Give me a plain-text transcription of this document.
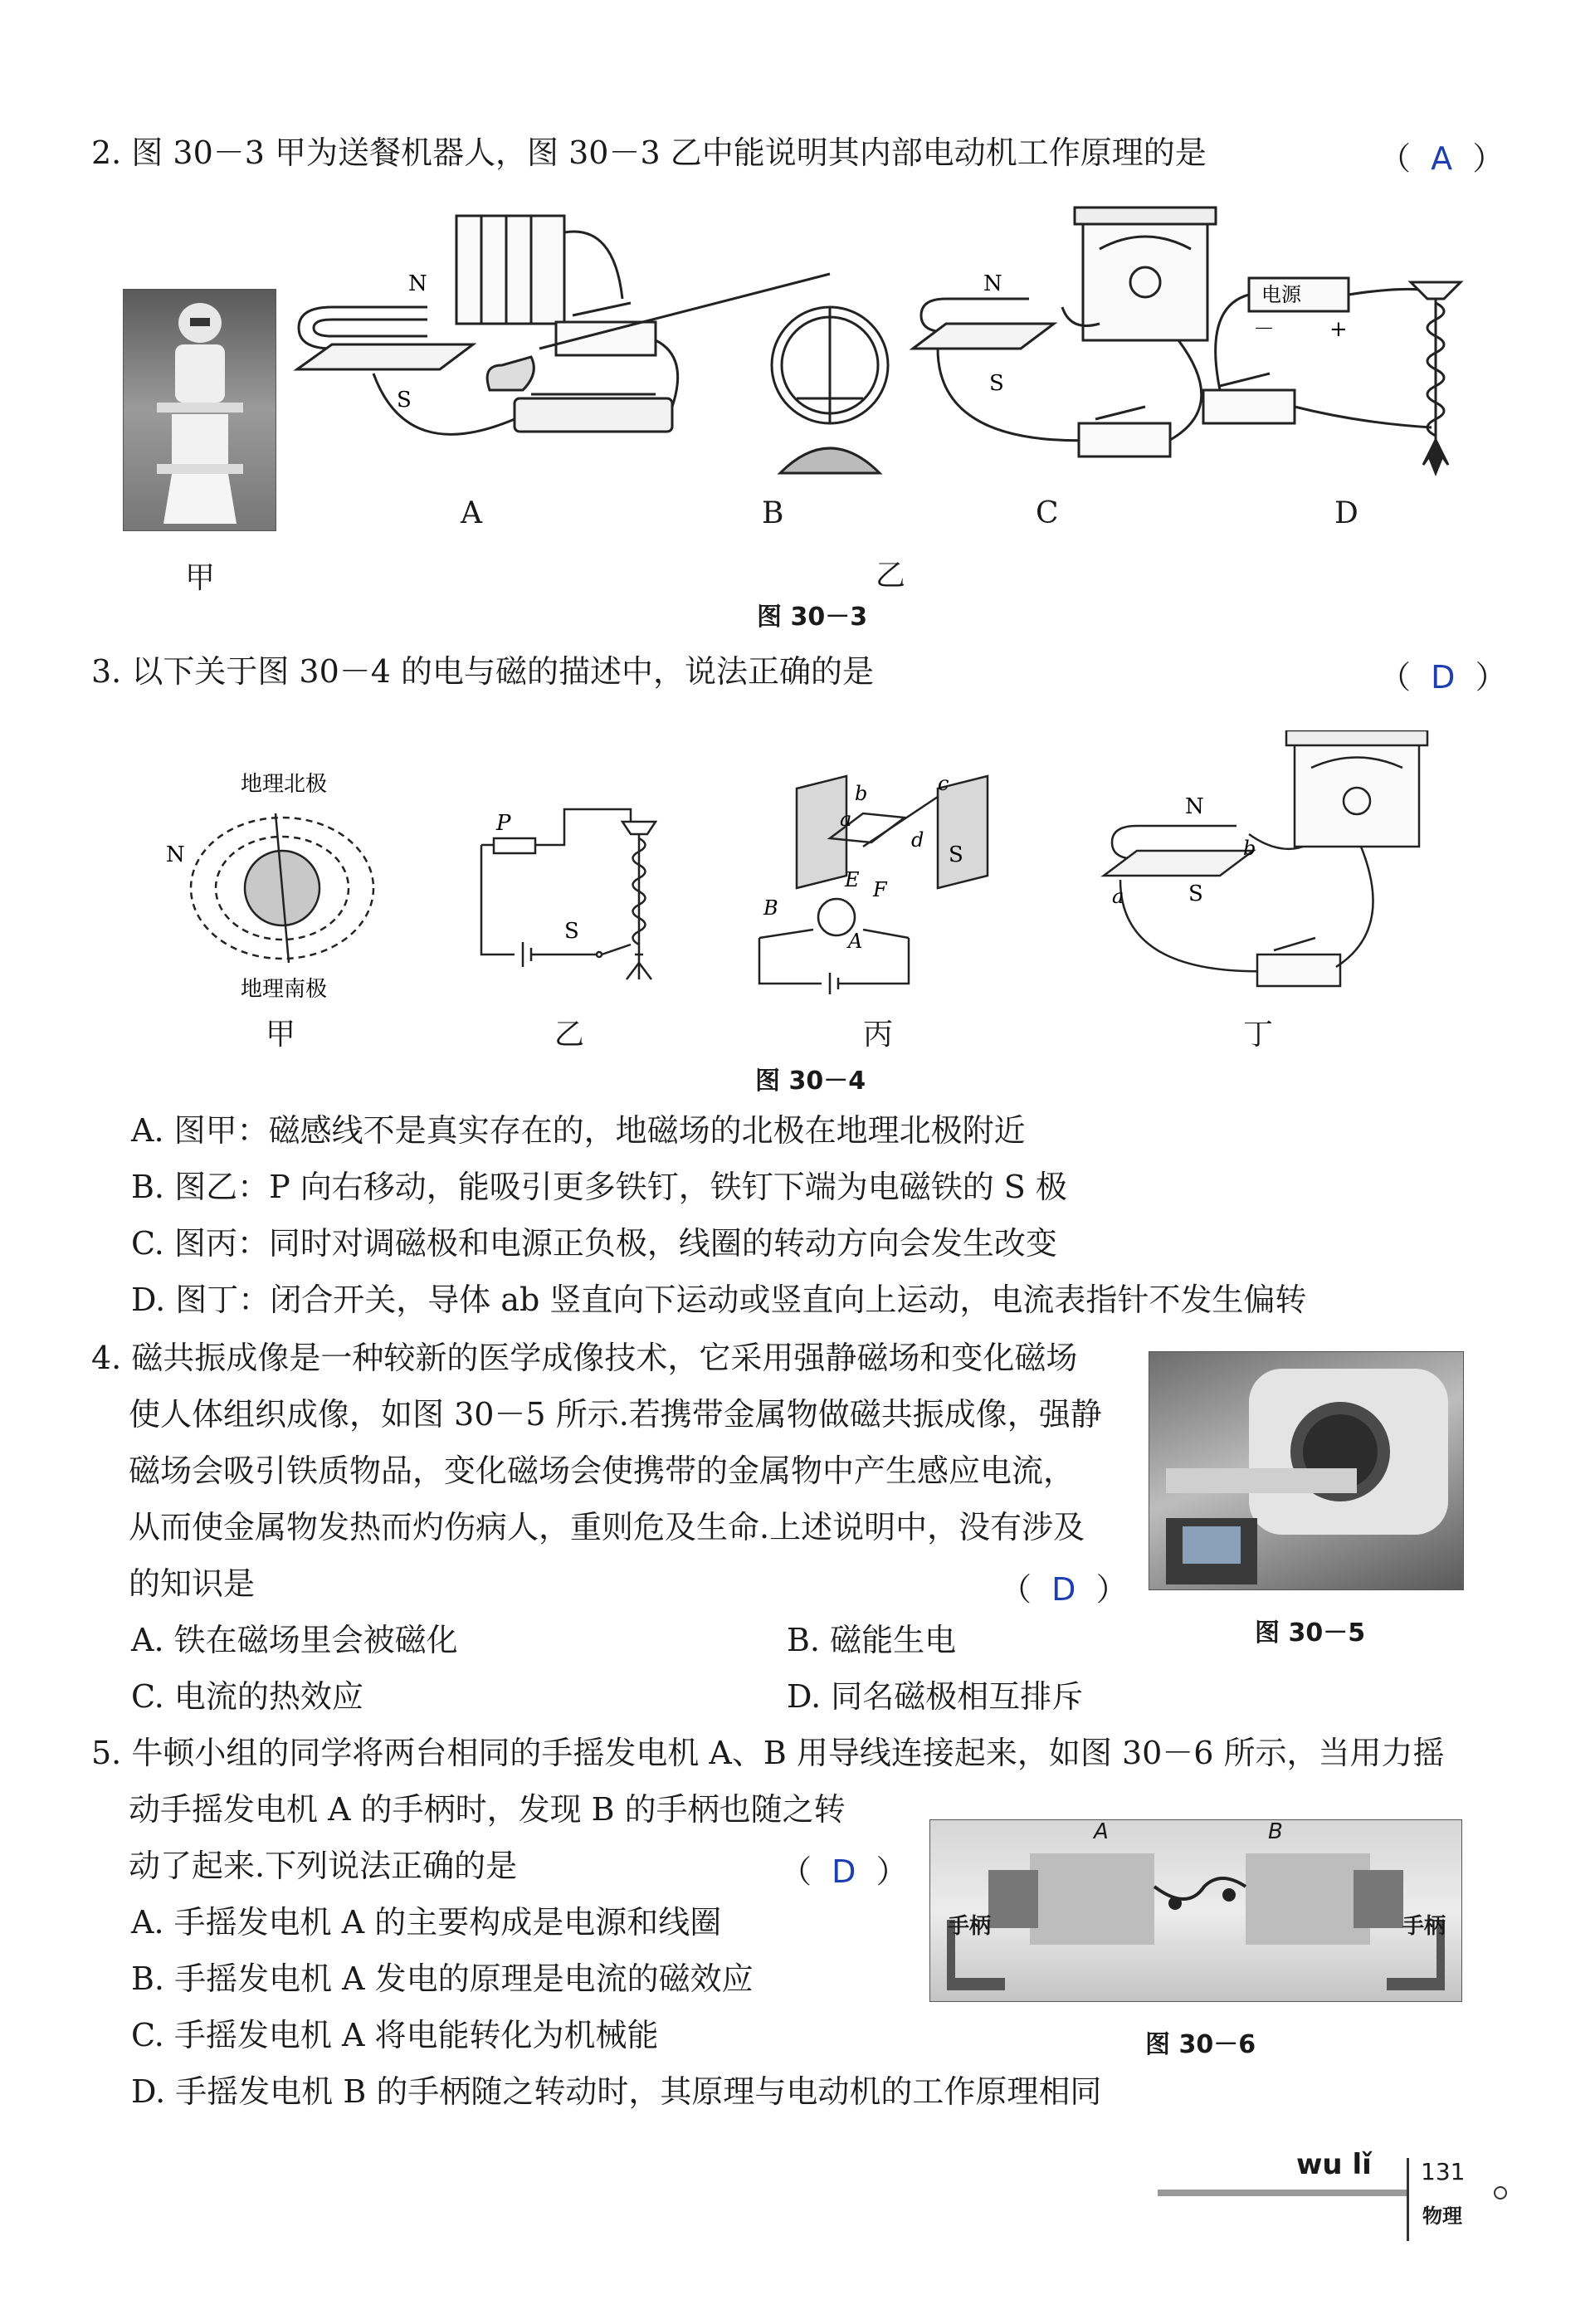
2. 图 30－3 甲为送餐机器人，图 30－3 乙中能说明其内部电动机工作原理的是	（  A  ）
甲
N
S
N
S
电源
－	+
A	B	C	D
乙
图 30－3
3. 以下关于图 30－4 的电与磁的描述中，说法正确的是	（  D  ）
地理北极
地理南极
P
S
N	S
a
b	c
d
E F
B
A
N
S
a
b
甲	乙	丙	丁
图 30－4
A. 图甲：磁感线不是真实存在的，地磁场的北极在地理北极附近
B. 图乙：P 向右移动，能吸引更多铁钉，铁钉下端为电磁铁的 S 极
C. 图丙：同时对调磁极和电源正负极，线圈的转动方向会发生改变
D. 图丁：闭合开关，导体 ab 竖直向下运动或竖直向上运动，电流表指针不发生偏转
4. 磁共振成像是一种较新的医学成像技术，它采用强静磁场和变化磁场
使人体组织成像，如图 30－5 所示.若携带金属物做磁共振成像，强静
磁场会吸引铁质物品，变化磁场会使携带的金属物中产生感应电流，
从而使金属物发热而灼伤病人，重则危及生命.上述说明中，没有涉及
的知识是	（  D  ）
图 30－5
A. 铁在磁场里会被磁化	B. 磁能生电
C. 电流的热效应	D. 同名磁极相互排斥
5. 牛顿小组的同学将两台相同的手摇发电机 A、B 用导线连接起来，如图 30－6 所示，当用力摇
动手摇发电机 A 的手柄时，发现 B 的手柄也随之转
动了起来.下列说法正确的是	（  D  ）
A	B
手柄	手柄
图 30－6
A. 手摇发电机 A 的主要构成是电源和线圈
B. 手摇发电机 A 发电的原理是电流的磁效应
C. 手摇发电机 A 将电能转化为机械能
D. 手摇发电机 B 的手柄随之转动时，其原理与电动机的工作原理相同
wu lǐ 131
物理
